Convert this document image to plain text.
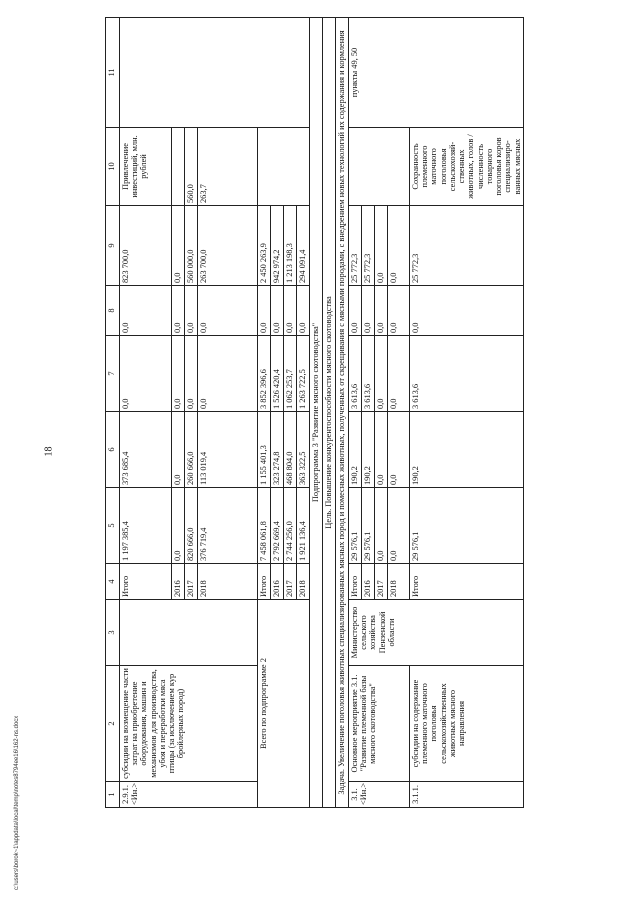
18
1	2	3	4	5	6	7	8	9	10	11
2.9.1. <Ин.>	субсидии на возмещение части затрат на приобретение оборудования, машин и механизмов для производства, убоя и переработки мяса птицы (за исключением кур бройлерных пород)		Итого	1 197 385,4	373 685,4	0,0	0,0	823 700,0	Привлечение инвестиций, млн. рублей	
			2016	0,0	0,0	0,0	0,0	0,0		
			2017	820 666,0	260 666,0	0,0	0,0	560 000,0	560,0	
			2018	376 719,4	113 019,4	0,0	0,0	263 700,0	263,7	
Всего по подпрограмме 2			Итого	7 458 061,8	1 155 401,3	3 852 396,6	0,0	2 450 263,9		
			2016	2 792 669,4	323 274,8	1 526 420,4	0,0	942 974,2		
			2017	2 744 256,0	468 804,0	1 062 253,7	0,0	1 213 198,3		
			2018	1 921 136,4	363 322,5	1 263 722,5	0,0	294 091,4		
Подпрограмма 3 "Развитие мясного скотоводства"										
Цель. Повышение конкурентоспособности мясного скотоводства										
Задача. Увеличение поголовья животных специализированных мясных пород и помесных животных, полученных от скрещивания с мясными породами, с внедрением новых технологий их содержания и кормления										
3.1. <Ин.>	Основное мероприятие 3.1. "Развитие племенной базы мясного скотоводства"	Министерство сельского хозяйства Пензенской области	Итого	29 576,1	190,2	3 613,6	0,0	25 772,3		пункты 49, 50
			2016	29 576,1	190,2	3 613,6	0,0	25 772,3		
			2017	0,0	0,0	0,0	0,0	0,0		
			2018	0,0	0,0	0,0	0,0	0,0		
3.1.1.	субсидии на содержание племенного маточного поголовья сельскохозяйственных животных мясного направления		Итого	29 576,1	190,2	3 613,6	0,0	25 772,3	Сохранность племенного маточного поголовья сельскохозяй-ственных животных, голов / численность товарного поголовья коров специализиро-ванных мясных	
c:\users\borok~1\appdata\local\temp\notes8794ee16\162-ns.docx
